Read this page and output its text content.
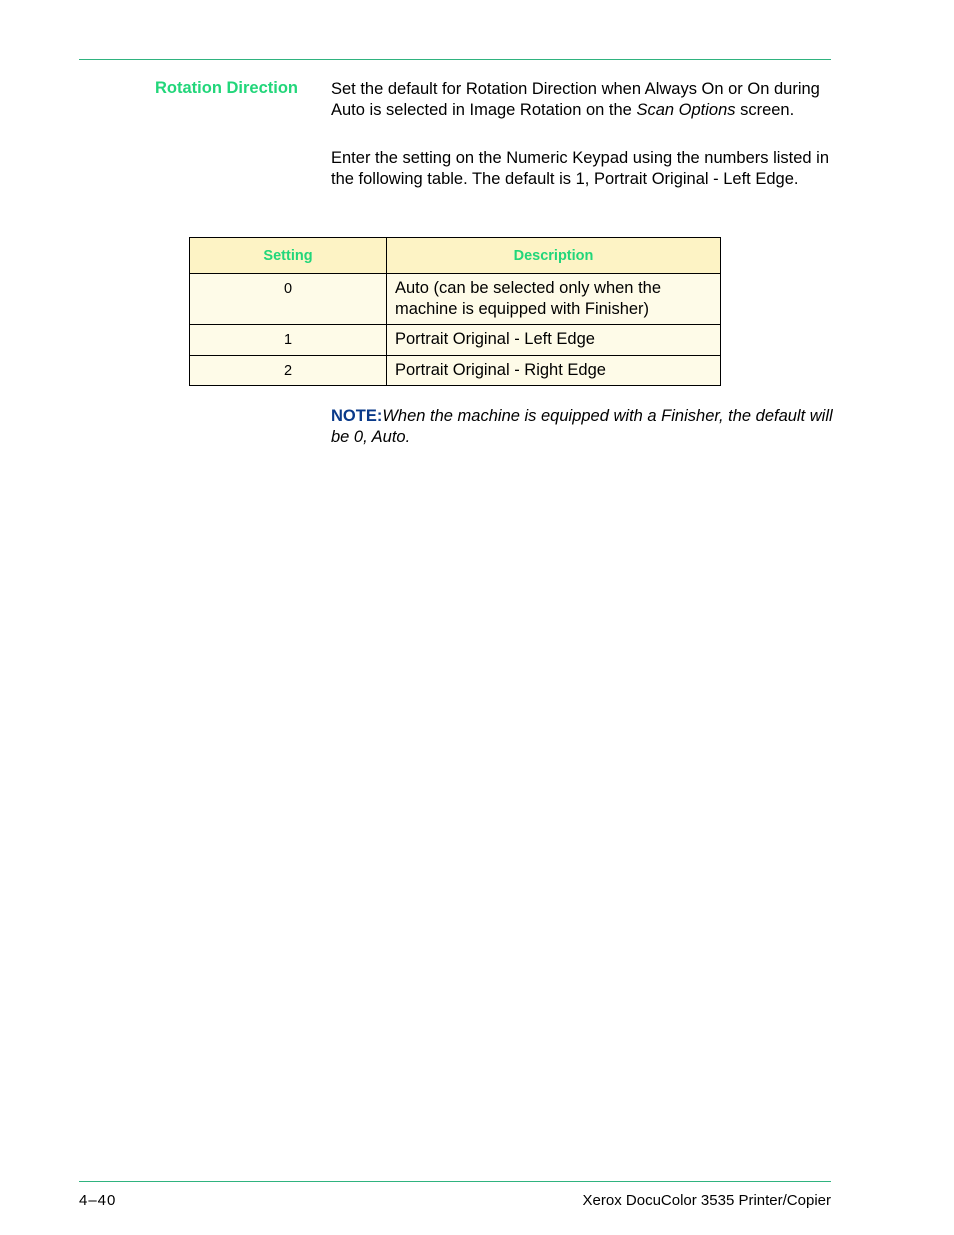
Rotation Direction Set the default for Rotation Direction when Always On or On during Auto is selected in Image Rotation on the Scan Options screen.

Enter the setting on the Numeric Keypad using the numbers listed in the following table. The default is 1, Portrait Original - Left Edge.

Setting	Description
0	Auto (can be selected only when the machine is equipped with Finisher)
1	Portrait Original - Left Edge
2	Portrait Original - Right Edge

NOTE:When the machine is equipped with a Finisher, the default will be 0, Auto.

4–40	Xerox DocuColor 3535 Printer/Copier
